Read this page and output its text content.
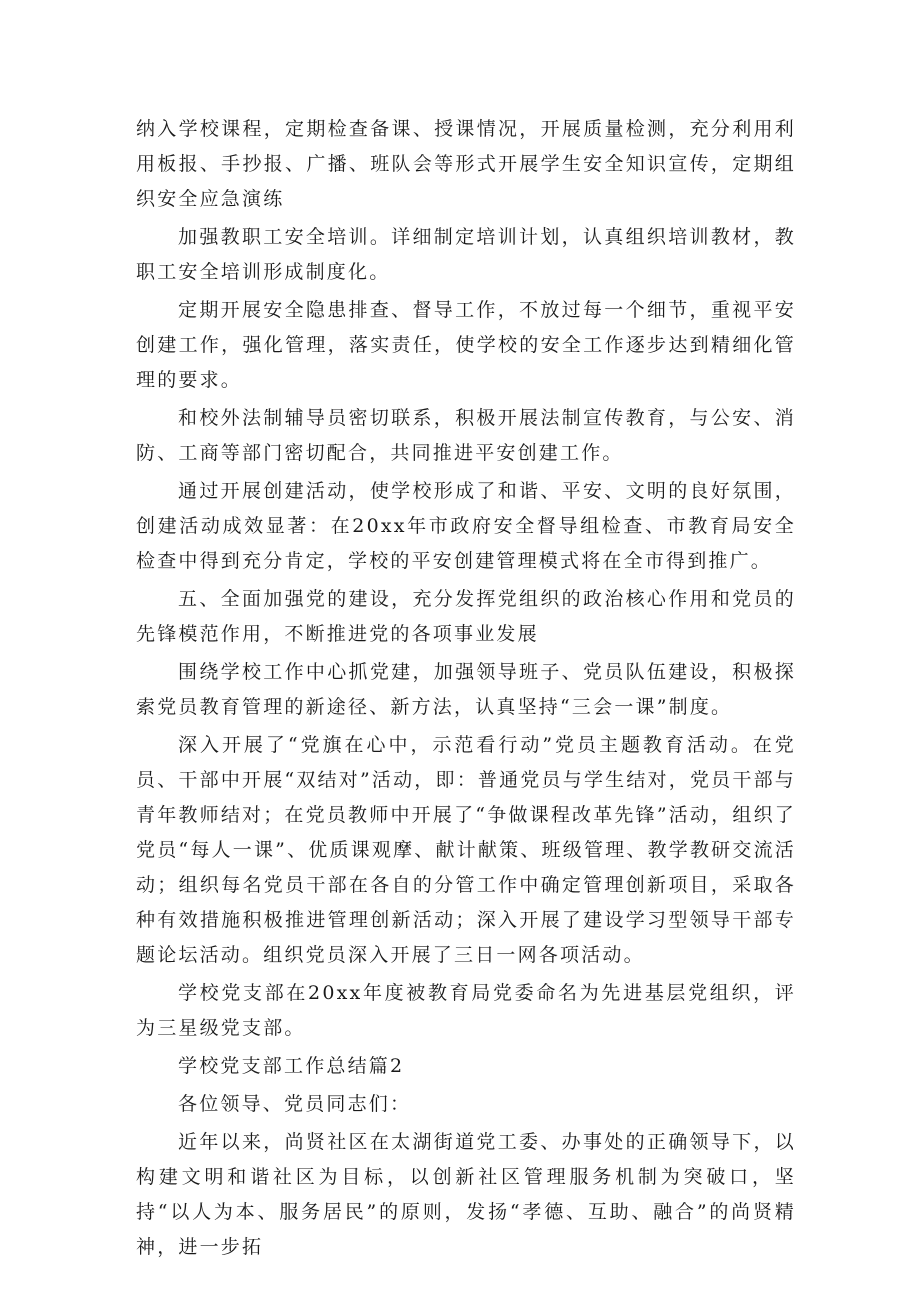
纳入学校课程，定期检查备课、授课情况，开展质量检测，充分利用利用板报、手抄报、广播、班队会等形式开展学生安全知识宣传，定期组织安全应急演练

加强教职工安全培训。详细制定培训计划，认真组织培训教材，教职工安全培训形成制度化。

定期开展安全隐患排查、督导工作，不放过每一个细节，重视平安创建工作，强化管理，落实责任，使学校的安全工作逐步达到精细化管理的要求。

和校外法制辅导员密切联系，积极开展法制宣传教育，与公安、消防、工商等部门密切配合，共同推进平安创建工作。

通过开展创建活动，使学校形成了和谐、平安、文明的良好氛围，创建活动成效显著：在20xx年市政府安全督导组检查、市教育局安全检查中得到充分肯定，学校的平安创建管理模式将在全市得到推广。

五、全面加强党的建设，充分发挥党组织的政治核心作用和党员的先锋模范作用，不断推进党的各项事业发展

围绕学校工作中心抓党建，加强领导班子、党员队伍建设，积极探索党员教育管理的新途径、新方法，认真坚持“三会一课”制度。

深入开展了“党旗在心中，示范看行动”党员主题教育活动。在党员、干部中开展“双结对”活动，即：普通党员与学生结对，党员干部与青年教师结对；在党员教师中开展了“争做课程改革先锋”活动，组织了党员“每人一课”、优质课观摩、献计献策、班级管理、教学教研交流活动；组织每名党员干部在各自的分管工作中确定管理创新项目，采取各种有效措施积极推进管理创新活动；深入开展了建设学习型领导干部专题论坛活动。组织党员深入开展了三日一网各项活动。

学校党支部在20xx年度被教育局党委命名为先进基层党组织，评为三星级党支部。

学校党支部工作总结篇2

各位领导、党员同志们：

近年以来，尚贤社区在太湖街道党工委、办事处的正确领导下，以构建文明和谐社区为目标，以创新社区管理服务机制为突破口，坚持“以人为本、服务居民”的原则，发扬“孝德、互助、融合”的尚贤精神，进一步拓
